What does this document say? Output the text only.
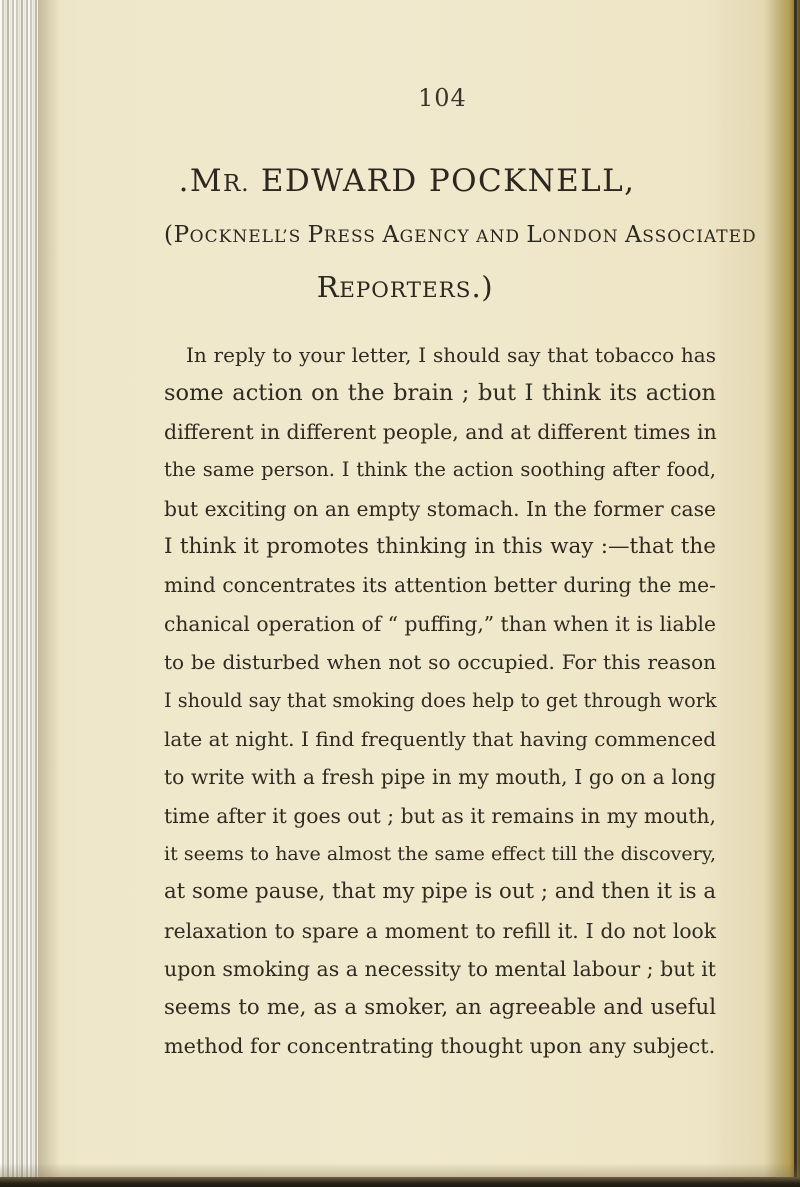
104
.MR. EDWARD POCKNELL,
(POCKNELL’S PRESS AGENCY AND LONDON ASSOCIATED
REPORTERS.)
In reply to your letter, I should say that tobacco has
some action on the brain ; but I think its action
different in different people, and at different times in
the same person. I think the action soothing after food,
but exciting on an empty stomach. In the former case
I think it promotes thinking in this way :—that the
mind concentrates its attention better during the me-
chanical operation of “ puffing,” than when it is liable
to be disturbed when not so occupied. For this reason
I should say that smoking does help to get through work
late at night. I find frequently that having commenced
to write with a fresh pipe in my mouth, I go on a long
time after it goes out ; but as it remains in my mouth,
it seems to have almost the same effect till the discovery,
at some pause, that my pipe is out ; and then it is a
relaxation to spare a moment to refill it. I do not look
upon smoking as a necessity to mental labour ; but it
seems to me, as a smoker, an agreeable and useful
method for concentrating thought upon any subject.
